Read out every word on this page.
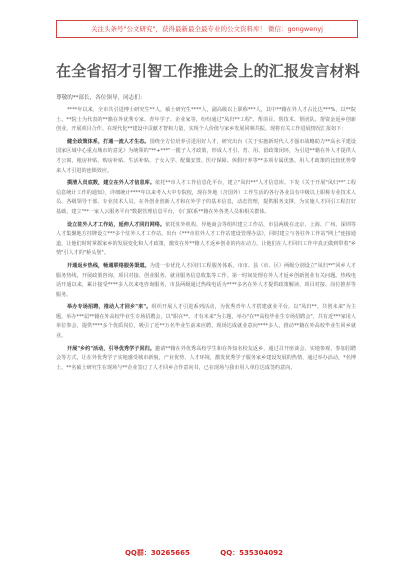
关注头条号"公文研究"，获得最新最全最专业的公文资料库！ 微信：gongwenyj
在全省招才引智工作推进会上的汇报发言材料
尊敬的**部长，各位领导，同志们：

****年以来，全市共引进博士研究生**人，硕士研究生****人，副高级以上职称***人，其中**籍在外人才占比达***%，以**院士、**院士为代表的**籍在外优秀专家、青年学子、企业家等，纷纷通过"凤归**工程"、帮项目、帮技术、帮团队、帮资金返乡创新创业，开展项目合作。在现代化**建设中贡献才智和力量，实现个人价值与家乡发展同频共振。现将有关工作进展情况汇报如下：

健全政策体系，打通一流人才生态。围绕全方位培养引进用好人才，研究出台《关于实施新时代人才强市战略助力**高水平建设国家区域中心重点城市的意见》为统领的"**+***"一揽子人才政策，形成人才引、育、用、留政策闭环，为引进**籍在外人才提供人才公寓、租房补贴、购房补贴、生活补贴、子女入学、配偶安置、医疗保障、休假疗养等**多项专属优惠。用人才政策的比较优势带来人才引进的连锁效应。

摸清人员底数，建立在外人才信息库。依托**市人才工作信息化平台，建立"凤归**"人才信息库。下发《关于开展"凤归**"工程信息统计工作的通知》，详细统计****年以来考入大中专院校，现在外地（含国外）工作生活的各行各业具有中级以上职称专业技术人员、各级领导干部、专业技术人员、在外创业创新人才和在外学子的基本信息，动态管理，提供服务支撑，为实施人才回引工程打好基础，建立"**一家人云服务平台"数据管理信息平台，专门联系**籍在外各类人员和相关群体。

设立驻外人才工作站，延伸人才回归网络。依托驻外机构、异地商会等组织建立工作站，市县两级在北京、上海、广州、深圳等人才集聚地方挂牌设立***多个驻外人才工作站，出台《***市驻外人才工作站建设管理办法》，同时建立与各驻外工作站"网上"连接通道，让他们时时掌握家乡的发展变化和人才政策，激发在外**籍人才返乡创业的内在动力，让他们在人才回归工作中真正做到带着"乡情"引人才的"桥头堡"。

开通返乡热线，畅通联络服务渠道。为进一步优化人才回归工程服务体系，市市、县（市、区）两级分别设立"凤归**"回乡人才服务热线，开展政策咨询、项目对接、创业服务、就业服务信息收集等工作。第一时间处理在外人才返乡创新创业有关问题。热线电话开通以来，累计接受****多人次来电咨询服务，市县两级通过热线电话为****多名在外人才提供政策解读、项目对接、岗位推荐等服务。

举办专场招聘，推动人才回乡"来"。组织开展人才引进系列活动，为优秀青年人才搭建就业平台。以"凤归**、共创未来"为主题，举办***届**籍在外高校毕业生专场招聘会，以"职在**、才有未来"为主题，举办"在**高校毕业生专场招聘会"，共有近***家用人单位参会，提供****多个优质岗位，吸引了近**万名毕业生前来应聘，现场达成就业意向****多人，推动**籍在外高校毕业生回乡就业。

开展"乡约"活动，引导优秀学子回归。邀请**籍在外优秀高校学生和在外知名校友返乡，通过召开座谈会、实地参观、参加招聘会等方式，让在外优秀学子实地感受城市新貌，产业优势、人才环境，激发优秀学子服务家乡建设发展的热情，通过举办活动，*名博士、**名硕士研究生在现场与**企业签订了人才回乡合作意向书，已在现场与我市用人单位达成签约意向。

QQ群：30265665	QQ：535304092
